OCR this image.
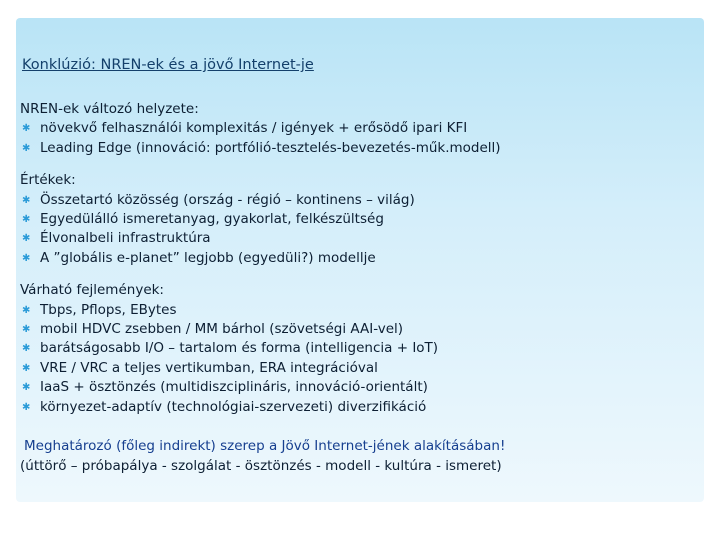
Konklúzió: NREN-ek és a jövő Internet-je
NREN-ek változó helyzete:
✱ növekvő felhasználói komplexitás / igények + erősödő ipari KFI
✱ Leading Edge (innováció: portfólió-tesztelés-bevezetés-műk.modell)
Értékek:
✱ Összetartó közösség (ország - régió – kontinens – világ)
✱ Egyedülálló ismeretanyag, gyakorlat, felkészültség
✱ Élvonalbeli infrastruktúra
✱ A ”globális e-planet” legjobb (egyedüli?) modellje
Várható fejlemények:
✱ Tbps, Pflops, EBytes
✱ mobil HDVC zsebben / MM bárhol (szövetségi AAI-vel)
✱ barátságosabb I/O – tartalom és forma (intelligencia + IoT)
✱ VRE / VRC a teljes vertikumban, ERA integrációval
✱ IaaS + ösztönzés (multidiszciplináris, innováció-orientált)
✱ környezet-adaptív (technológiai-szervezeti) diverzifikáció
Meghatározó (főleg indirekt) szerep a Jövő Internet-jének alakításában!
(úttörő – próbapálya - szolgálat - ösztönzés - modell - kultúra - ismeret)
